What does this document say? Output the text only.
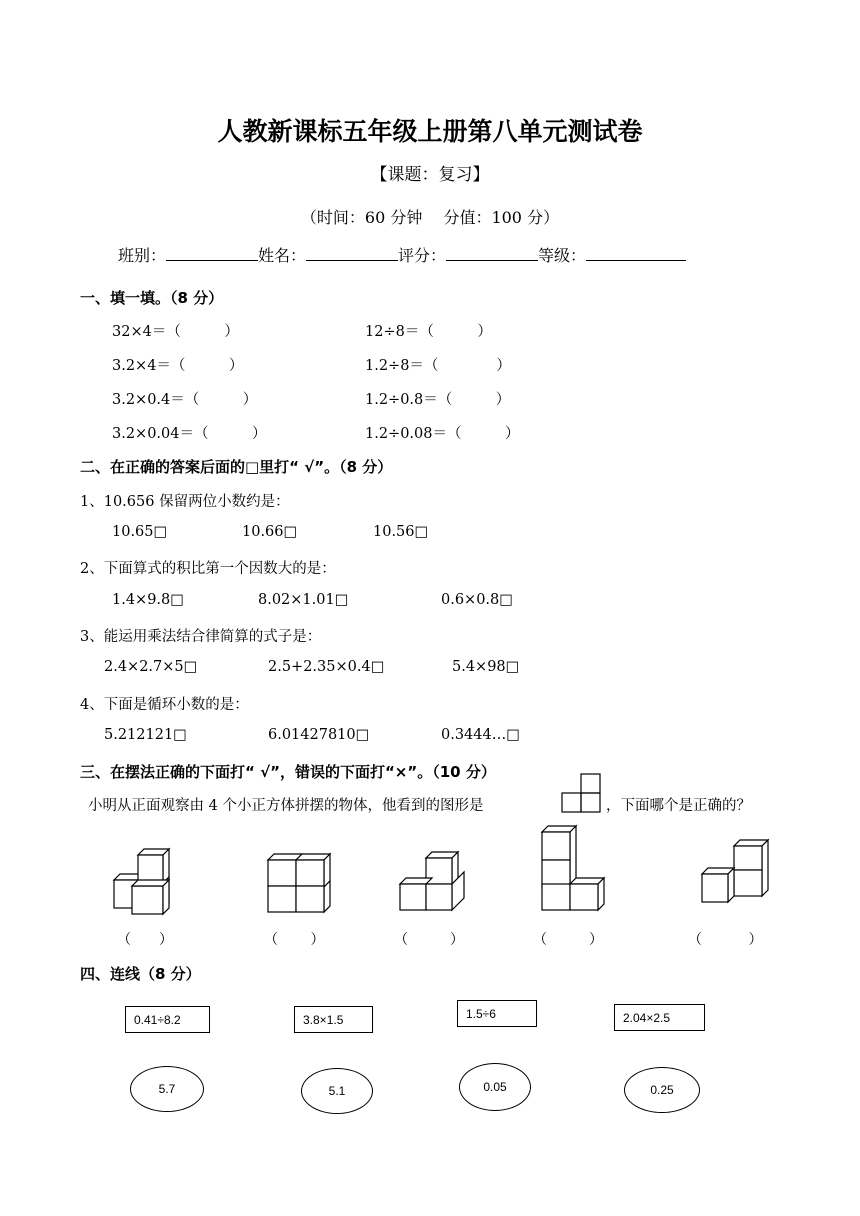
人教新课标五年级上册第八单元测试卷
【课题：复习】
（时间：60 分钟　 分值：100 分）
班别：	姓名：	评分：	等级：
一、填一填。（8 分）
32×4＝（　　　）	12÷8＝（　　　）
3.2×4＝（　　　）	1.2÷8＝（　　　　）
3.2×0.4＝（　　　）	1.2÷0.8＝（　　　）
3.2×0.04＝（　　　）	1.2÷0.08＝（　　　）
二、在正确的答案后面的□里打“ √”。（8 分）
1、10.656 保留两位小数约是：
10.65□	10.66□	10.56□
2、下面算式的积比第一个因数大的是：
1.4×9.8□	8.02×1.01□	0.6×0.8□
3、能运用乘法结合律简算的式子是：
2.4×2.7×5□	2.5+2.35×0.4□	5.4×98□
4、下面是循环小数的是：
5.212121□	6.01427810□	0.3444…□
三、在摆法正确的下面打“ √”，错误的下面打“×”。（10 分）
小明从正面观察由 4 个小正方体拼摆的物体，他看到的图形是	，下面哪个是正确的？
（　　）	（　　 ）	（　　　）	（　　　）	（　　　 ）
四、连线（8 分）
0.41÷8.2	3.8×1.5	1.5÷6	2.04×2.5
5.7	5.1	0.05	0.25
